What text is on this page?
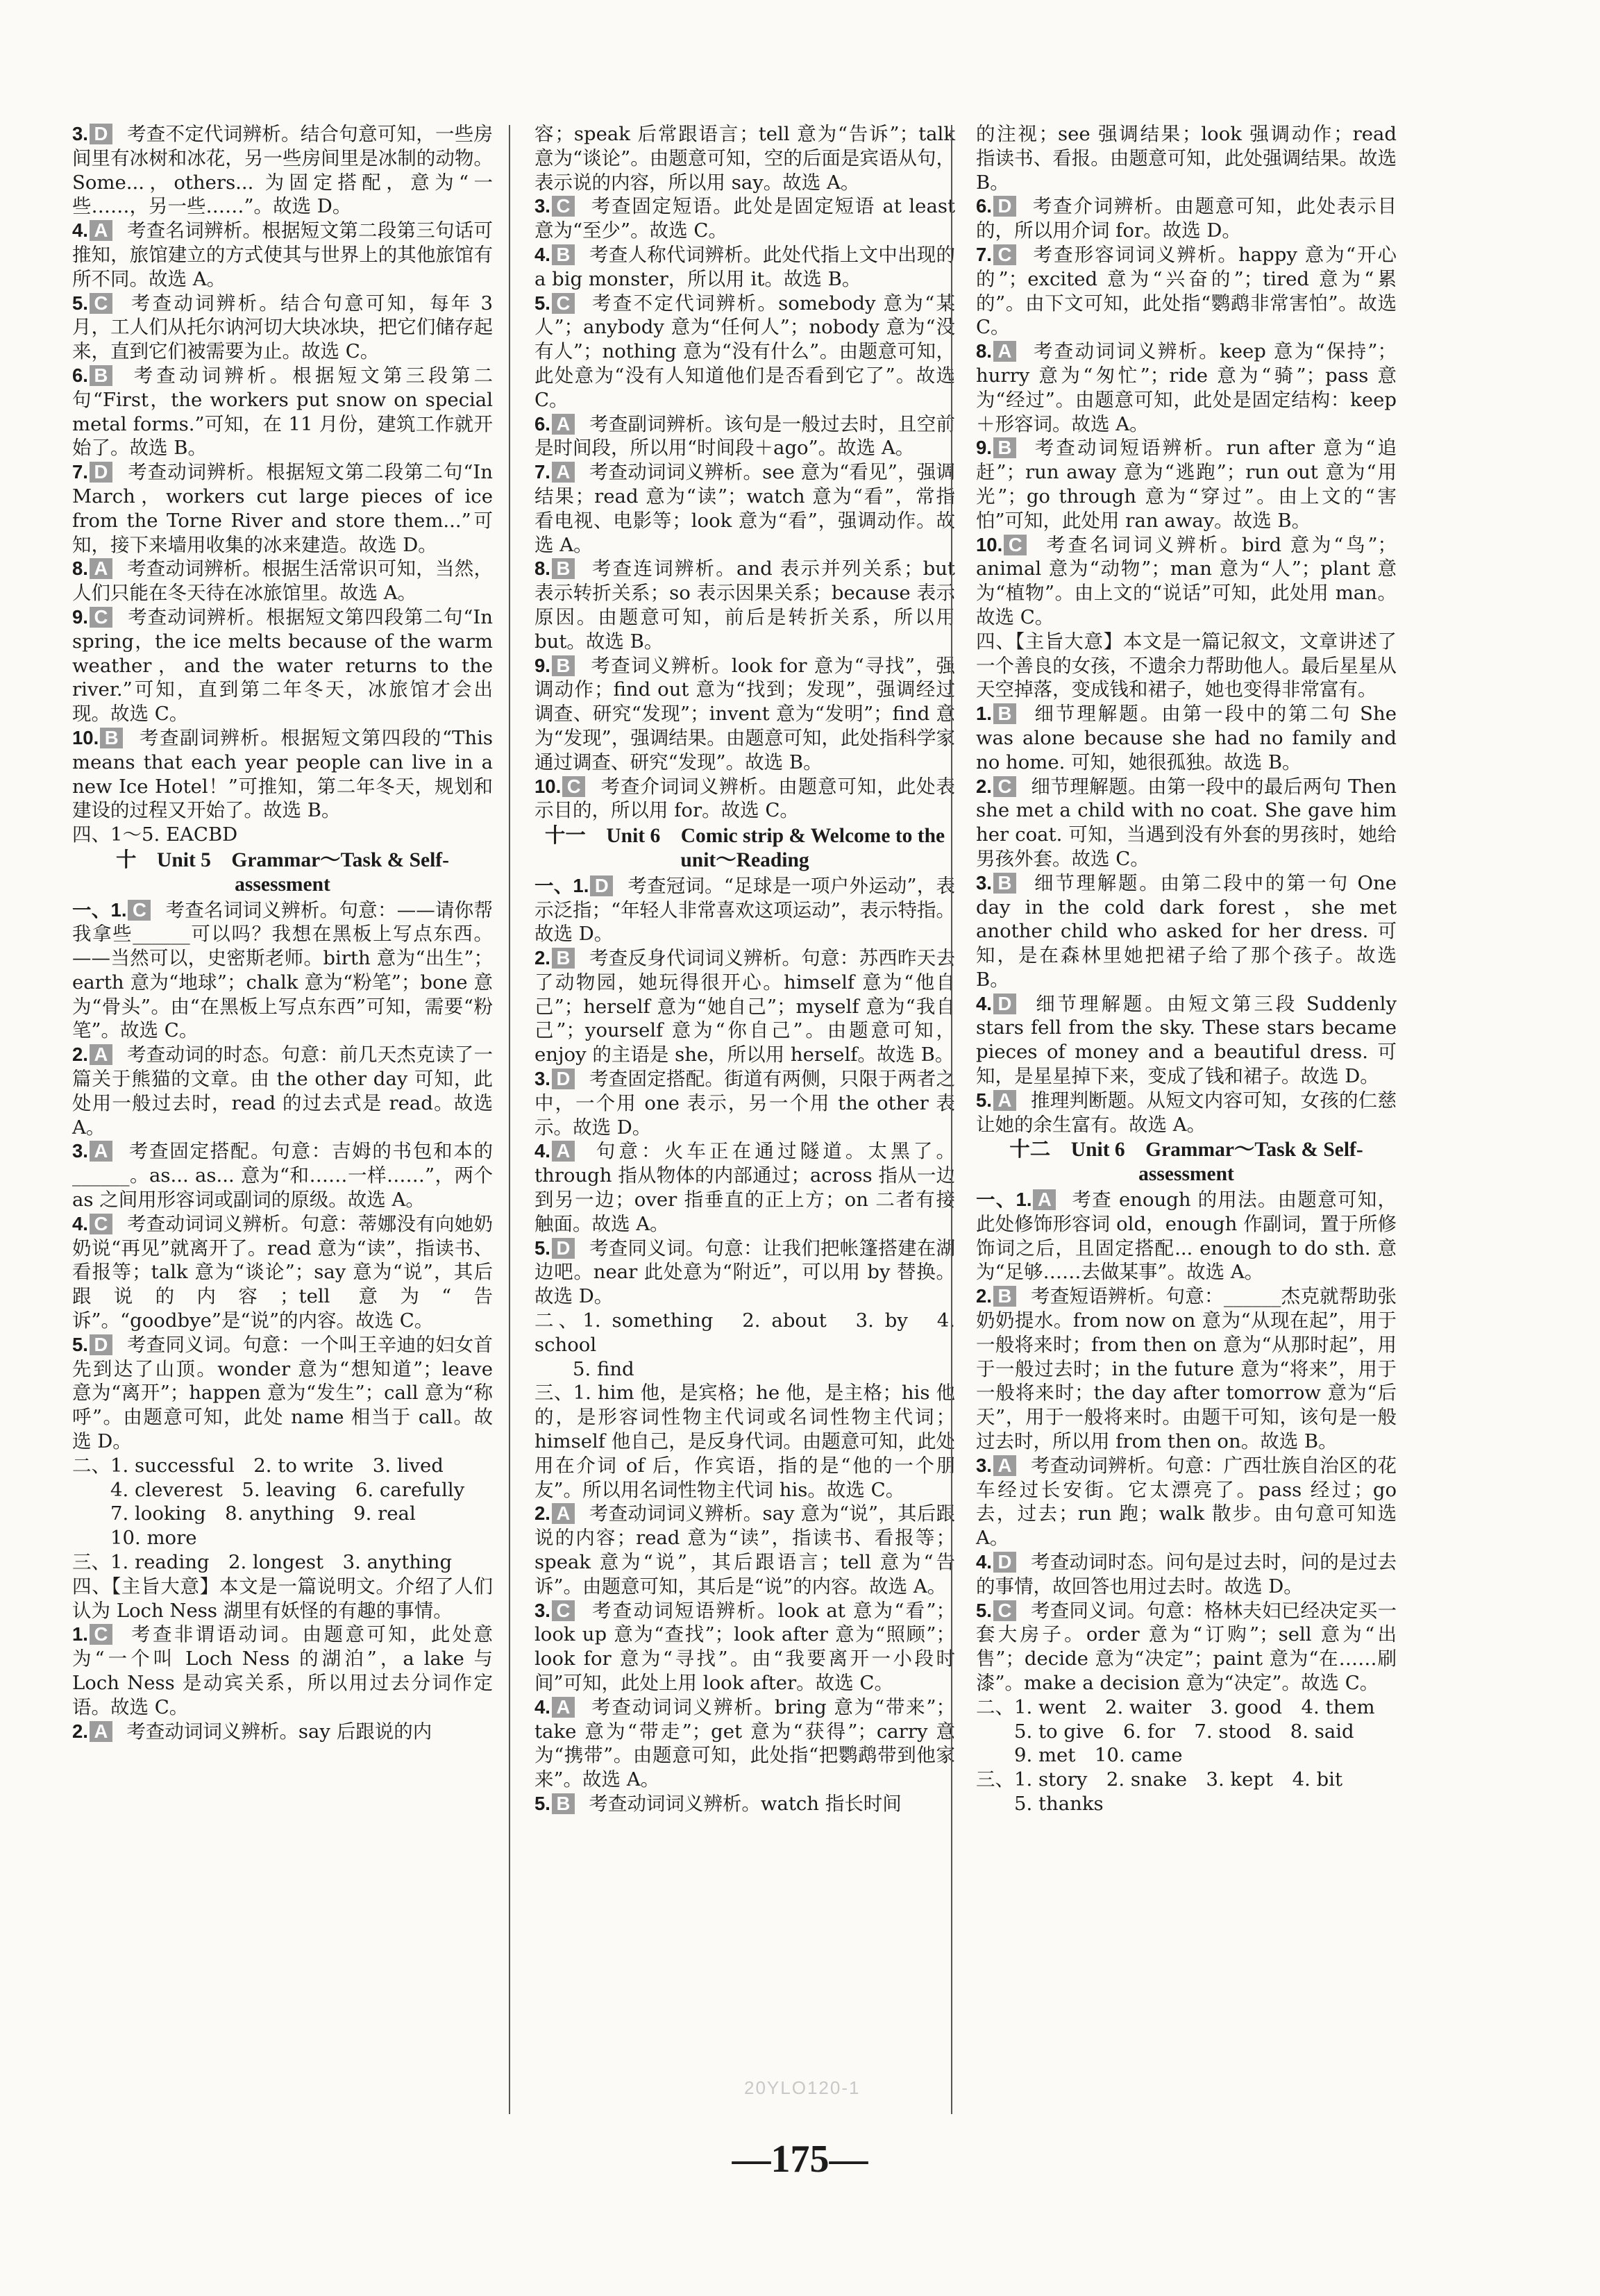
3. D 考查不定代词辨析。结合句意可知，一些房间里有冰树和冰花，另一些房间里是冰制的动物。Some...，others... 为固定搭配，意为“一些……，另一些……”。故选 D。

4. A 考查名词辨析。根据短文第二段第三句话可推知，旅馆建立的方式使其与世界上的其他旅馆有所不同。故选 A。

5. C 考查动词辨析。结合句意可知，每年 3 月，工人们从托尔讷河切大块冰块，把它们储存起来，直到它们被需要为止。故选 C。

6. B 考查动词辨析。根据短文第三段第二句“First，the workers put snow on special metal forms.”可知，在 11 月份，建筑工作就开始了。故选 B。

7. D 考查动词辨析。根据短文第二段第二句“In March，workers cut large pieces of ice from the Torne River and store them...”可知，接下来墙用收集的冰来建造。故选 D。

8. A 考查动词辨析。根据生活常识可知，当然，人们只能在冬天待在冰旅馆里。故选 A。

9. C 考查动词辨析。根据短文第四段第二句“In spring，the ice melts because of the warm weather，and the water returns to the river.”可知，直到第二年冬天，冰旅馆才会出现。故选 C。

10. B 考查副词辨析。根据短文第四段的“This means that each year people can live in a new Ice Hotel！”可推知，第二年冬天，规划和建设的过程又开始了。故选 B。

四、1～5. EACBD

十　Unit 5　Grammar～Task & Self-assessment

一、1. C 考查名词词义辨析。句意：——请你帮我拿些______可以吗？我想在黑板上写点东西。——当然可以，史密斯老师。birth 意为“出生”；earth 意为“地球”；chalk 意为“粉笔”；bone 意为“骨头”。由“在黑板上写点东西”可知，需要“粉笔”。故选 C。

2. A 考查动词的时态。句意：前几天杰克读了一篇关于熊猫的文章。由 the other day 可知，此处用一般过去时，read 的过去式是 read。故选 A。

3. A 考查固定搭配。句意：吉姆的书包和本的______。as... as... 意为“和……一样……”，两个 as 之间用形容词或副词的原级。故选 A。

4. C 考查动词词义辨析。句意：蒂娜没有向她奶奶说“再见”就离开了。read 意为“读”，指读书、看报等；talk 意为“谈论”；say 意为“说”，其后跟说的内容；tell 意为“告诉”。“goodbye”是“说”的内容。故选 C。

5. D 考查同义词。句意：一个叫王辛迪的妇女首先到达了山顶。wonder 意为“想知道”；leave 意为“离开”；happen 意为“发生”；call 意为“称呼”。由题意可知，此处 name 相当于 call。故选 D。

二、1. successful　2. to write　3. lived

　　4. cleverest　5. leaving　6. carefully

　　7. looking　8. anything　9. real

　　10. more

三、1. reading　2. longest　3. anything

四、【主旨大意】本文是一篇说明文。介绍了人们认为 Loch Ness 湖里有妖怪的有趣的事情。

1. C 考查非谓语动词。由题意可知，此处意为“一个叫 Loch Ness 的湖泊”，a lake 与 Loch Ness 是动宾关系，所以用过去分词作定语。故选 C。

2. A 考查动词词义辨析。say 后跟说的内

容；speak 后常跟语言；tell 意为“告诉”；talk 意为“谈论”。由题意可知，空的后面是宾语从句，表示说的内容，所以用 say。故选 A。

3. C 考查固定短语。此处是固定短语 at least 意为“至少”。故选 C。

4. B 考查人称代词辨析。此处代指上文中出现的 a big monster，所以用 it。故选 B。

5. C 考查不定代词辨析。somebody 意为“某人”；anybody 意为“任何人”；nobody 意为“没有人”；nothing 意为“没有什么”。由题意可知，此处意为“没有人知道他们是否看到它了”。故选 C。

6. A 考查副词辨析。该句是一般过去时，且空前是时间段，所以用“时间段＋ago”。故选 A。

7. A 考查动词词义辨析。see 意为“看见”，强调结果；read 意为“读”；watch 意为“看”，常指看电视、电影等；look 意为“看”，强调动作。故选 A。

8. B 考查连词辨析。and 表示并列关系；but 表示转折关系；so 表示因果关系；because 表示原因。由题意可知，前后是转折关系，所以用 but。故选 B。

9. B 考查词义辨析。look for 意为“寻找”，强调动作；find out 意为“找到；发现”，强调经过调查、研究“发现”；invent 意为“发明”；find 意为“发现”，强调结果。由题意可知，此处指科学家通过调查、研究“发现”。故选 B。

10. C 考查介词词义辨析。由题意可知，此处表示目的，所以用 for。故选 C。

十一　Unit 6　Comic strip & Welcome to the unit～Reading

一、1. D 考查冠词。“足球是一项户外运动”，表示泛指；“年轻人非常喜欢这项运动”，表示特指。故选 D。

2. B 考查反身代词词义辨析。句意：苏西昨天去了动物园，她玩得很开心。himself 意为“他自己”；herself 意为“她自己”；myself 意为“我自己”；yourself 意为“你自己”。由题意可知，enjoy 的主语是 she，所以用 herself。故选 B。

3. D 考查固定搭配。街道有两侧，只限于两者之中，一个用 one 表示，另一个用 the other 表示。故选 D。

4. A 句意：火车正在通过隧道。太黑了。through 指从物体的内部通过；across 指从一边到另一边；over 指垂直的正上方；on 二者有接触面。故选 A。

5. D 考查同义词。句意：让我们把帐篷搭建在湖边吧。near 此处意为“附近”，可以用 by 替换。故选 D。

二、1. something　2. about　3. by　4. school

　　5. find

三、1. him 他，是宾格；he 他，是主格；his 他的，是形容词性物主代词或名词性物主代词；himself 他自己，是反身代词。由题意可知，此处用在介词 of 后，作宾语，指的是“他的一个朋友”。所以用名词性物主代词 his。故选 C。

2. A 考查动词词义辨析。say 意为“说”，其后跟说的内容；read 意为“读”，指读书、看报等；speak 意为“说”，其后跟语言；tell 意为“告诉”。由题意可知，其后是“说”的内容。故选 A。

3. C 考查动词短语辨析。look at 意为“看”；look up 意为“查找”；look after 意为“照顾”；look for 意为“寻找”。由“我要离开一小段时间”可知，此处上用 look after。故选 C。

4. A 考查动词词义辨析。bring 意为“带来”；take 意为“带走”；get 意为“获得”；carry 意为“携带”。由题意可知，此处指“把鹦鹉带到他家来”。故选 A。

5. B 考查动词词义辨析。watch 指长时间

的注视；see 强调结果；look 强调动作；read 指读书、看报。由题意可知，此处强调结果。故选 B。

6. D 考查介词辨析。由题意可知，此处表示目的，所以用介词 for。故选 D。

7. C 考查形容词词义辨析。happy 意为“开心的”；excited 意为“兴奋的”；tired 意为“累的”。由下文可知，此处指“鹦鹉非常害怕”。故选 C。

8. A 考查动词词义辨析。keep 意为“保持”；hurry 意为“匆忙”；ride 意为“骑”；pass 意为“经过”。由题意可知，此处是固定结构：keep＋形容词。故选 A。

9. B 考查动词短语辨析。run after 意为“追赶”；run away 意为“逃跑”；run out 意为“用光”；go through 意为“穿过”。由上文的“害怕”可知，此处用 ran away。故选 B。

10. C 考查名词词义辨析。bird 意为“鸟”；animal 意为“动物”；man 意为“人”；plant 意为“植物”。由上文的“说话”可知，此处用 man。故选 C。

四、【主旨大意】本文是一篇记叙文，文章讲述了一个善良的女孩，不遗余力帮助他人。最后星星从天空掉落，变成钱和裙子，她也变得非常富有。

1. B 细节理解题。由第一段中的第二句 She was alone because she had no family and no home. 可知，她很孤独。故选 B。

2. C 细节理解题。由第一段中的最后两句 Then she met a child with no coat. She gave him her coat. 可知，当遇到没有外套的男孩时，她给男孩外套。故选 C。

3. B 细节理解题。由第二段中的第一句 One day in the cold dark forest，she met another child who asked for her dress. 可知，是在森林里她把裙子给了那个孩子。故选 B。

4. D 细节理解题。由短文第三段 Suddenly stars fell from the sky. These stars became pieces of money and a beautiful dress. 可知，是星星掉下来，变成了钱和裙子。故选 D。

5. A 推理判断题。从短文内容可知，女孩的仁慈让她的余生富有。故选 A。

十二　Unit 6　Grammar～Task & Self-assessment

一、1. A 考查 enough 的用法。由题意可知，此处修饰形容词 old，enough 作副词，置于所修饰词之后，且固定搭配... enough to do sth. 意为“足够……去做某事”。故选 A。

2. B 考查短语辨析。句意：______杰克就帮助张奶奶提水。from now on 意为“从现在起”，用于一般将来时；from then on 意为“从那时起”，用于一般过去时；in the future 意为“将来”，用于一般将来时；the day after tomorrow 意为“后天”，用于一般将来时。由题干可知，该句是一般过去时，所以用 from then on。故选 B。

3. A 考查动词辨析。句意：广西壮族自治区的花车经过长安街。它太漂亮了。pass 经过；go 去，过去；run 跑；walk 散步。由句意可知选 A。

4. D 考查动词时态。问句是过去时，问的是过去的事情，故回答也用过去时。故选 D。

5. C 考查同义词。句意：格林夫妇已经决定买一套大房子。order 意为“订购”；sell 意为“出售”；decide 意为“决定”；paint 意为“在……刷漆”。make a decision 意为“决定”。故选 C。

二、1. went　2. waiter　3. good　4. them

　　5. to give　6. for　7. stood　8. said

　　9. met　10. came

三、1. story　2. snake　3. kept　4. bit

　　5. thanks

20YLO120-1
—175—
